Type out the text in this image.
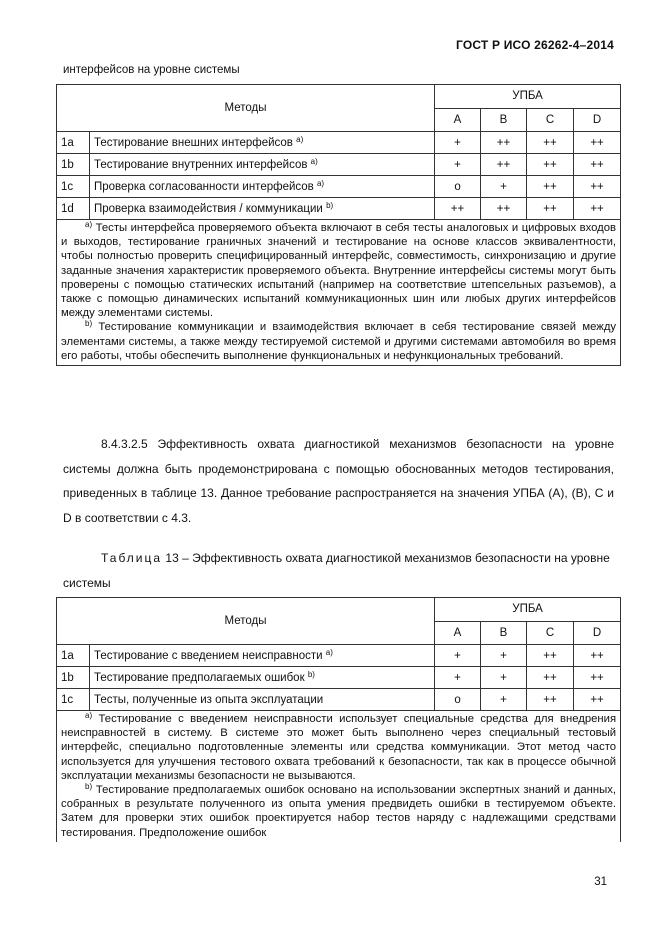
ГОСТ Р ИСО 26262-4–2014
интерфейсов на уровне системы
Методы		УПБА			
		A	B	C	D
1a	Тестирование внешних интерфейсов $^{a)}$	+	++	++	++
1b	Тестирование внутренних интерфейсов $^{a)}$	+	++	++	++
1c	Проверка согласованности интерфейсов $^{a)}$	o	+	++	++
1d	Проверка взаимодействия / коммуникации $^{b)}$	++	++	++	++

$^{a)}$ Тесты интерфейса проверяемого объекта включают в себя тесты аналоговых и цифровых входов и выходов, тестирование граничных значений и тестирование на основе классов эквивалентности, чтобы полностью проверить специфицированный интерфейс, совместимость, синхронизацию и другие заданные значения характеристик проверяемого объекта. Внутренние интерфейсы системы могут быть проверены с помощью статических испытаний (например на соответствие штепсельных разъемов), а также с помощью динамических испытаний коммуникационных шин или любых других интерфейсов между элементами системы.

$^{b)}$ Тестирование коммуникации и взаимодействия включает в себя тестирование связей между элементами системы, а также между тестируемой системой и другими системами автомобиля во время его работы, чтобы обеспечить выполнение функциональных и нефункциональных требований.					

8.4.3.2.5 Эффективность охвата диагностикой механизмов безопасности на уровне системы должна быть продемонстрирована с помощью обоснованных методов тестирования, приведенных в таблице 13. Данное требование распространяется на значения УПБА (A), (B), C и D в соответствии с 4.3.
Таблица 13 – Эффективность охвата диагностикой механизмов безопасности на уровне системы
Методы		УПБА			
		A	B	C	D
1a	Тестирование с введением неисправности $^{a)}$	+	+	++	++
1b	Тестирование предполагаемых ошибок $^{b)}$	+	+	++	++
1c	Тесты, полученные из опыта эксплуатации	o	+	++	++

$^{a)}$ Тестирование с введением неисправности использует специальные средства для внедрения неисправностей в систему. В системе это может быть выполнено через специальный тестовый интерфейс, специально подготовленные элементы или средства коммуникации. Этот метод часто используется для улучшения тестового охвата требований к безопасности, так как в процессе обычной эксплуатации механизмы безопасности не вызываются.

$^{b)}$ Тестирование предполагаемых ошибок основано на использовании экспертных знаний и данных, собранных в результате полученного из опыта умения предвидеть ошибки в тестируемом объекте. Затем для проверки этих ошибок проектируется набор тестов наряду с надлежащими средствами тестирования. Предположение ошибок					

31
